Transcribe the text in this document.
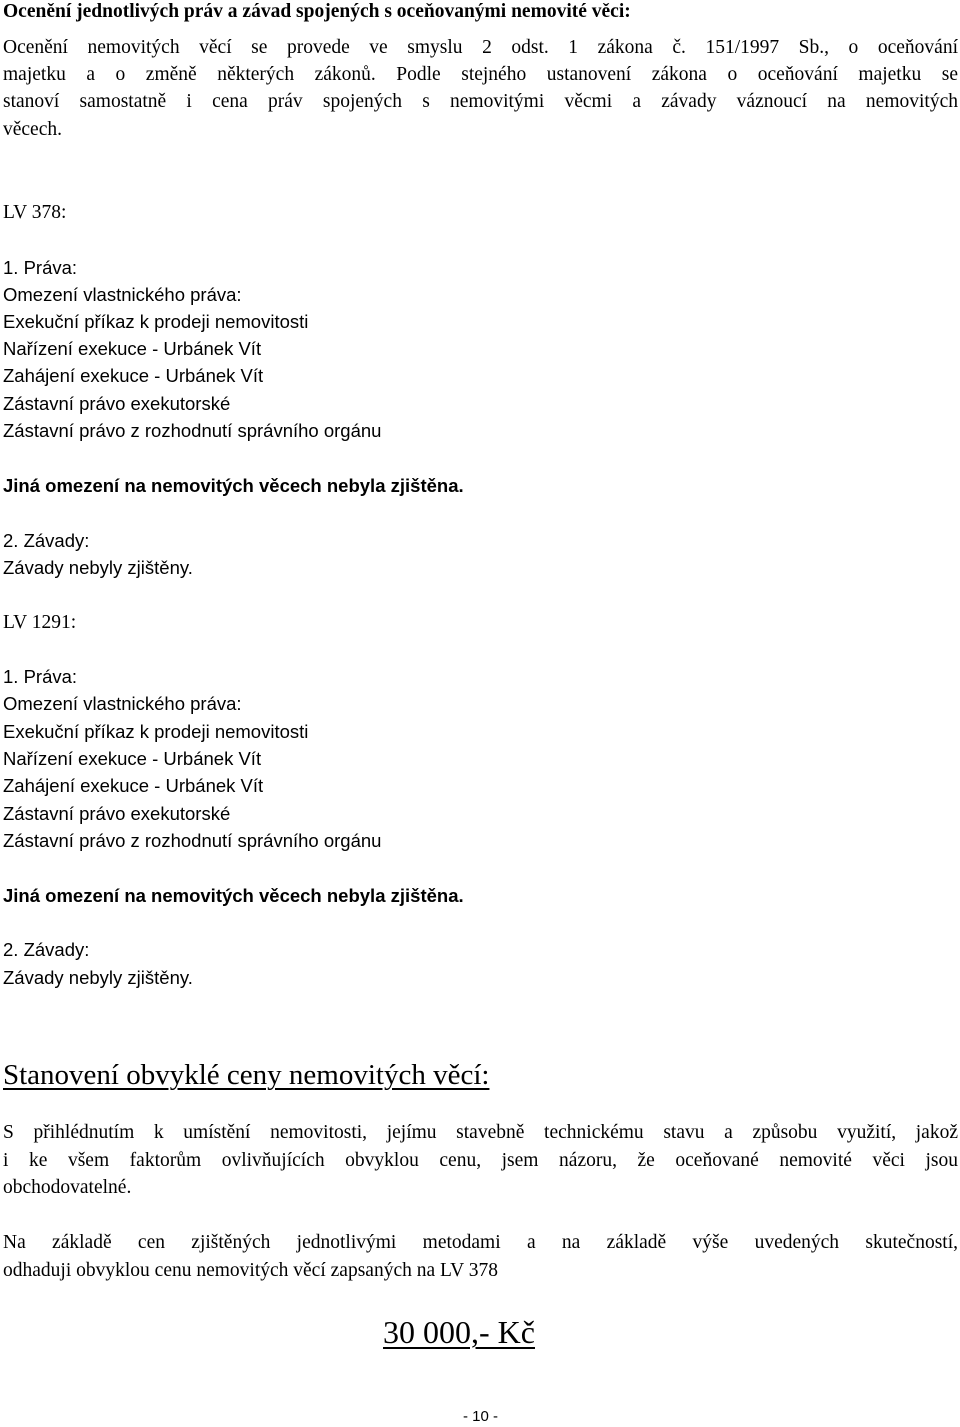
Ocenění jednotlivých práv a závad spojených s oceňovanými nemovité věci:
Ocenění nemovitých věcí se provede ve smyslu 2 odst. 1 zákona č. 151/1997 Sb., o oceňování
majetku a o změně některých zákonů. Podle stejného ustanovení zákona o oceňování majetku se
stanoví samostatně i cena práv spojených s nemovitými věcmi a závady váznoucí na nemovitých
věcech.
LV 378:
1. Práva:
Omezení vlastnického práva:
Exekuční příkaz k prodeji nemovitosti
Nařízení exekuce - Urbánek Vít
Zahájení exekuce - Urbánek Vít
Zástavní právo exekutorské
Zástavní právo z rozhodnutí správního orgánu
Jiná omezení na nemovitých věcech nebyla zjištěna.
2. Závady:
Závady nebyly zjištěny.
LV 1291:
1. Práva:
Omezení vlastnického práva:
Exekuční příkaz k prodeji nemovitosti
Nařízení exekuce - Urbánek Vít
Zahájení exekuce - Urbánek Vít
Zástavní právo exekutorské
Zástavní právo z rozhodnutí správního orgánu
Jiná omezení na nemovitých věcech nebyla zjištěna.
2. Závady:
Závady nebyly zjištěny.
Stanovení obvyklé ceny nemovitých věcí:
S přihlédnutím k umístění nemovitosti, jejímu stavebně technickému stavu a způsobu využití, jakož
i ke všem faktorům ovlivňujících obvyklou cenu, jsem názoru, že oceňované nemovité věci jsou
obchodovatelné.
Na základě cen zjištěných jednotlivými metodami a na základě výše uvedených skutečností,
odhaduji obvyklou cenu nemovitých věcí zapsaných na LV 378
30 000,- Kč
- 10 -
